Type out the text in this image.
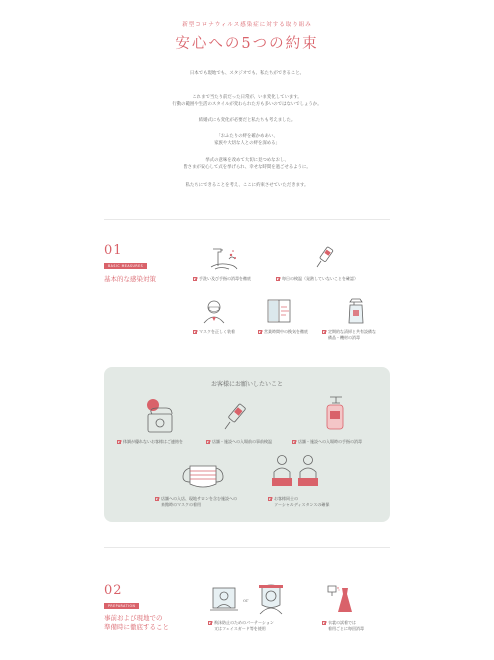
新型コロナウィルス感染症に対する取り組み
安心への5つの約束
日本でも現地でも、スタジオでも、私たちができること。
これまで当たり前だった日常が、いま変化しています。
行動の範囲や生活のスタイルが変わられた方も多いのではないでしょうか。
結婚式にも変化が必要だと私たちも考えました。
「おふたりの絆を確かめあい、
家族や大切な人との絆を深める」
挙式の意味を改めて大切に見つめなおし、
皆さまが安心して式を挙げられ、幸せな時間を過ごせるように。
私たちにできることを考え、ここに約束させていただきます。
01
BASIC MEASURES
基本的な感染対策	手洗い及び手指の消毒を徹底	毎日の検温（発熱していないことを確認）
マスクを正しく装着	営業時間中の換気を徹底	定期的な清掃と共有設備な
備品・機材の消毒
お客様にお願いしたいこと
体調が優れないお客様はご連絡を	店舗・施設への入場前の事前検温	店舗・施設への入場時の手指の消毒
店舗への入店、現地サロンを含む施設への
来館時のマスクの着用
お客様同士の
ソーシャルディスタンスの確保
02
PREPARATION
事前および現地での
準備時に徹底すること
or
飛沫防止のためのパーテーション
又はフェイスガード等を使用
衣裳の試着では
着用ごとに毎回消毒
